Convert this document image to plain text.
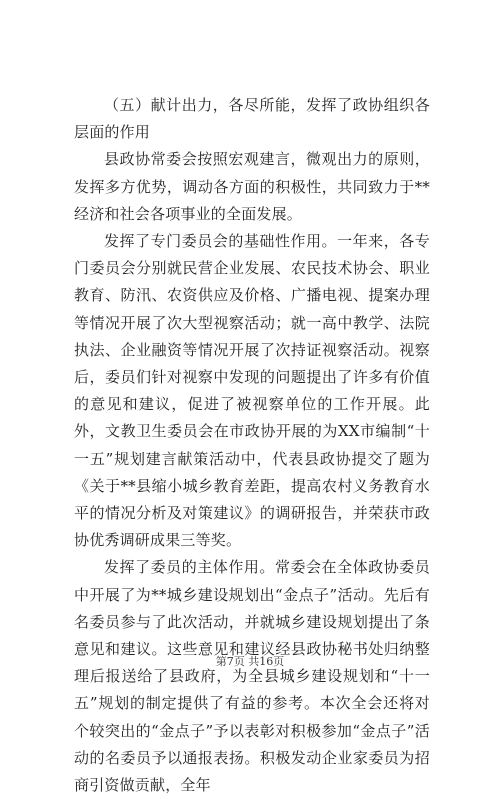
（五）献计出力，各尽所能，发挥了政协组织各层面的作用

县政协常委会按照宏观建言，微观出力的原则，发挥多方优势，调动各方面的积极性，共同致力于**经济和社会各项事业的全面发展。

发挥了专门委员会的基础性作用。一年来，各专门委员会分别就民营企业发展、农民技术协会、职业教育、防汛、农资供应及价格、广播电视、提案办理等情况开展了次大型视察活动；就一高中教学、法院执法、企业融资等情况开展了次持证视察活动。视察后，委员们针对视察中发现的问题提出了许多有价值的意见和建议，促进了被视察单位的工作开展。此外，文教卫生委员会在市政协开展的为XX市编制“十一五”规划建言献策活动中，代表县政协提交了题为《关于**县缩小城乡教育差距，提高农村义务教育水平的情况分析及对策建议》的调研报告，并荣获市政协优秀调研成果三等奖。

发挥了委员的主体作用。常委会在全体政协委员中开展了为**城乡建设规划出“金点子”活动。先后有名委员参与了此次活动，并就城乡建设规划提出了条意见和建议。这些意见和建议经县政协秘书处归纳整理后报送给了县政府，为全县城乡建设规划和“十一五”规划的制定提供了有益的参考。本次全会还将对个较突出的“金点子”予以表彰对积极参加“金点子”活动的名委员予以通报表扬。积极发动企业家委员为招商引资做贡献，全年

第7页 共16页
